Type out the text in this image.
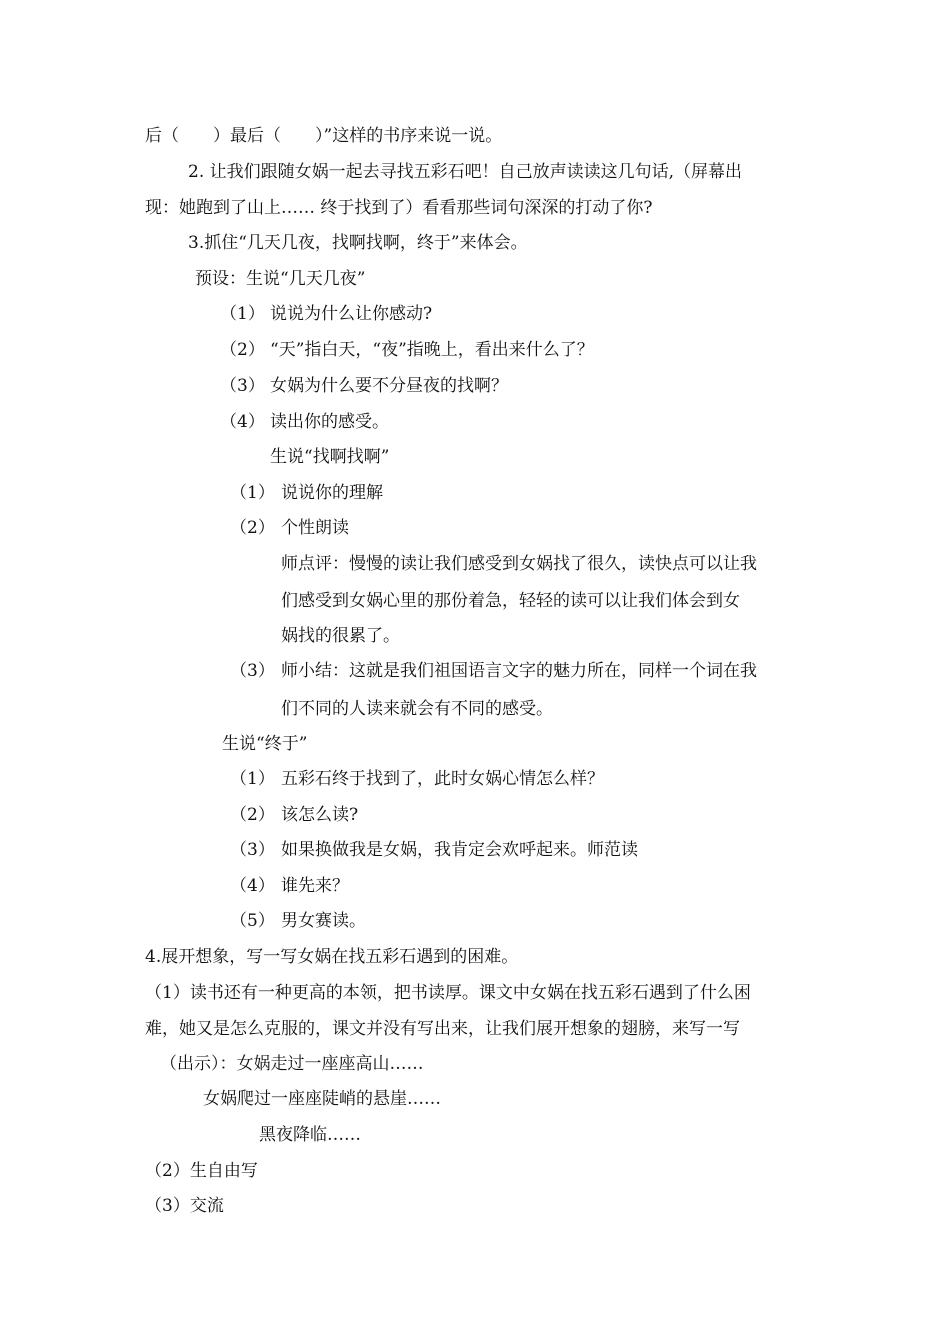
后（　　）最后（　　）”这样的书序来说一说。
2. 让我们跟随女娲一起去寻找五彩石吧！自己放声读读这几句话,（屏幕出
现：她跑到了山上…… 终于找到了）看看那些词句深深的打动了你?
3.抓住“几天几夜，找啊找啊，终于”来体会。
预设：生说“几天几夜”
（1） 说说为什么让你感动?
（2） “天”指白天，“夜”指晚上，看出来什么了？
（3） 女娲为什么要不分昼夜的找啊？
（4） 读出你的感受。
生说“找啊找啊”
（1） 说说你的理解
（2） 个性朗读
师点评：慢慢的读让我们感受到女娲找了很久，读快点可以让我
们感受到女娲心里的那份着急，轻轻的读可以让我们体会到女
娲找的很累了。
（3） 师小结：这就是我们祖国语言文字的魅力所在，同样一个词在我
们不同的人读来就会有不同的感受。
生说“终于”
（1） 五彩石终于找到了，此时女娲心情怎么样？
（2） 该怎么读?
（3） 如果换做我是女娲，我肯定会欢呼起来。师范读
（4） 谁先来？
（5） 男女赛读。
4.展开想象，写一写女娲在找五彩石遇到的困难。
（1）读书还有一种更高的本领，把书读厚。课文中女娲在找五彩石遇到了什么困
难，她又是怎么克服的，课文并没有写出来，让我们展开想象的翅膀，来写一写
（出示）：女娲走过一座座高山……
女娲爬过一座座陡峭的悬崖……
黑夜降临……
（2）生自由写
（3）交流
